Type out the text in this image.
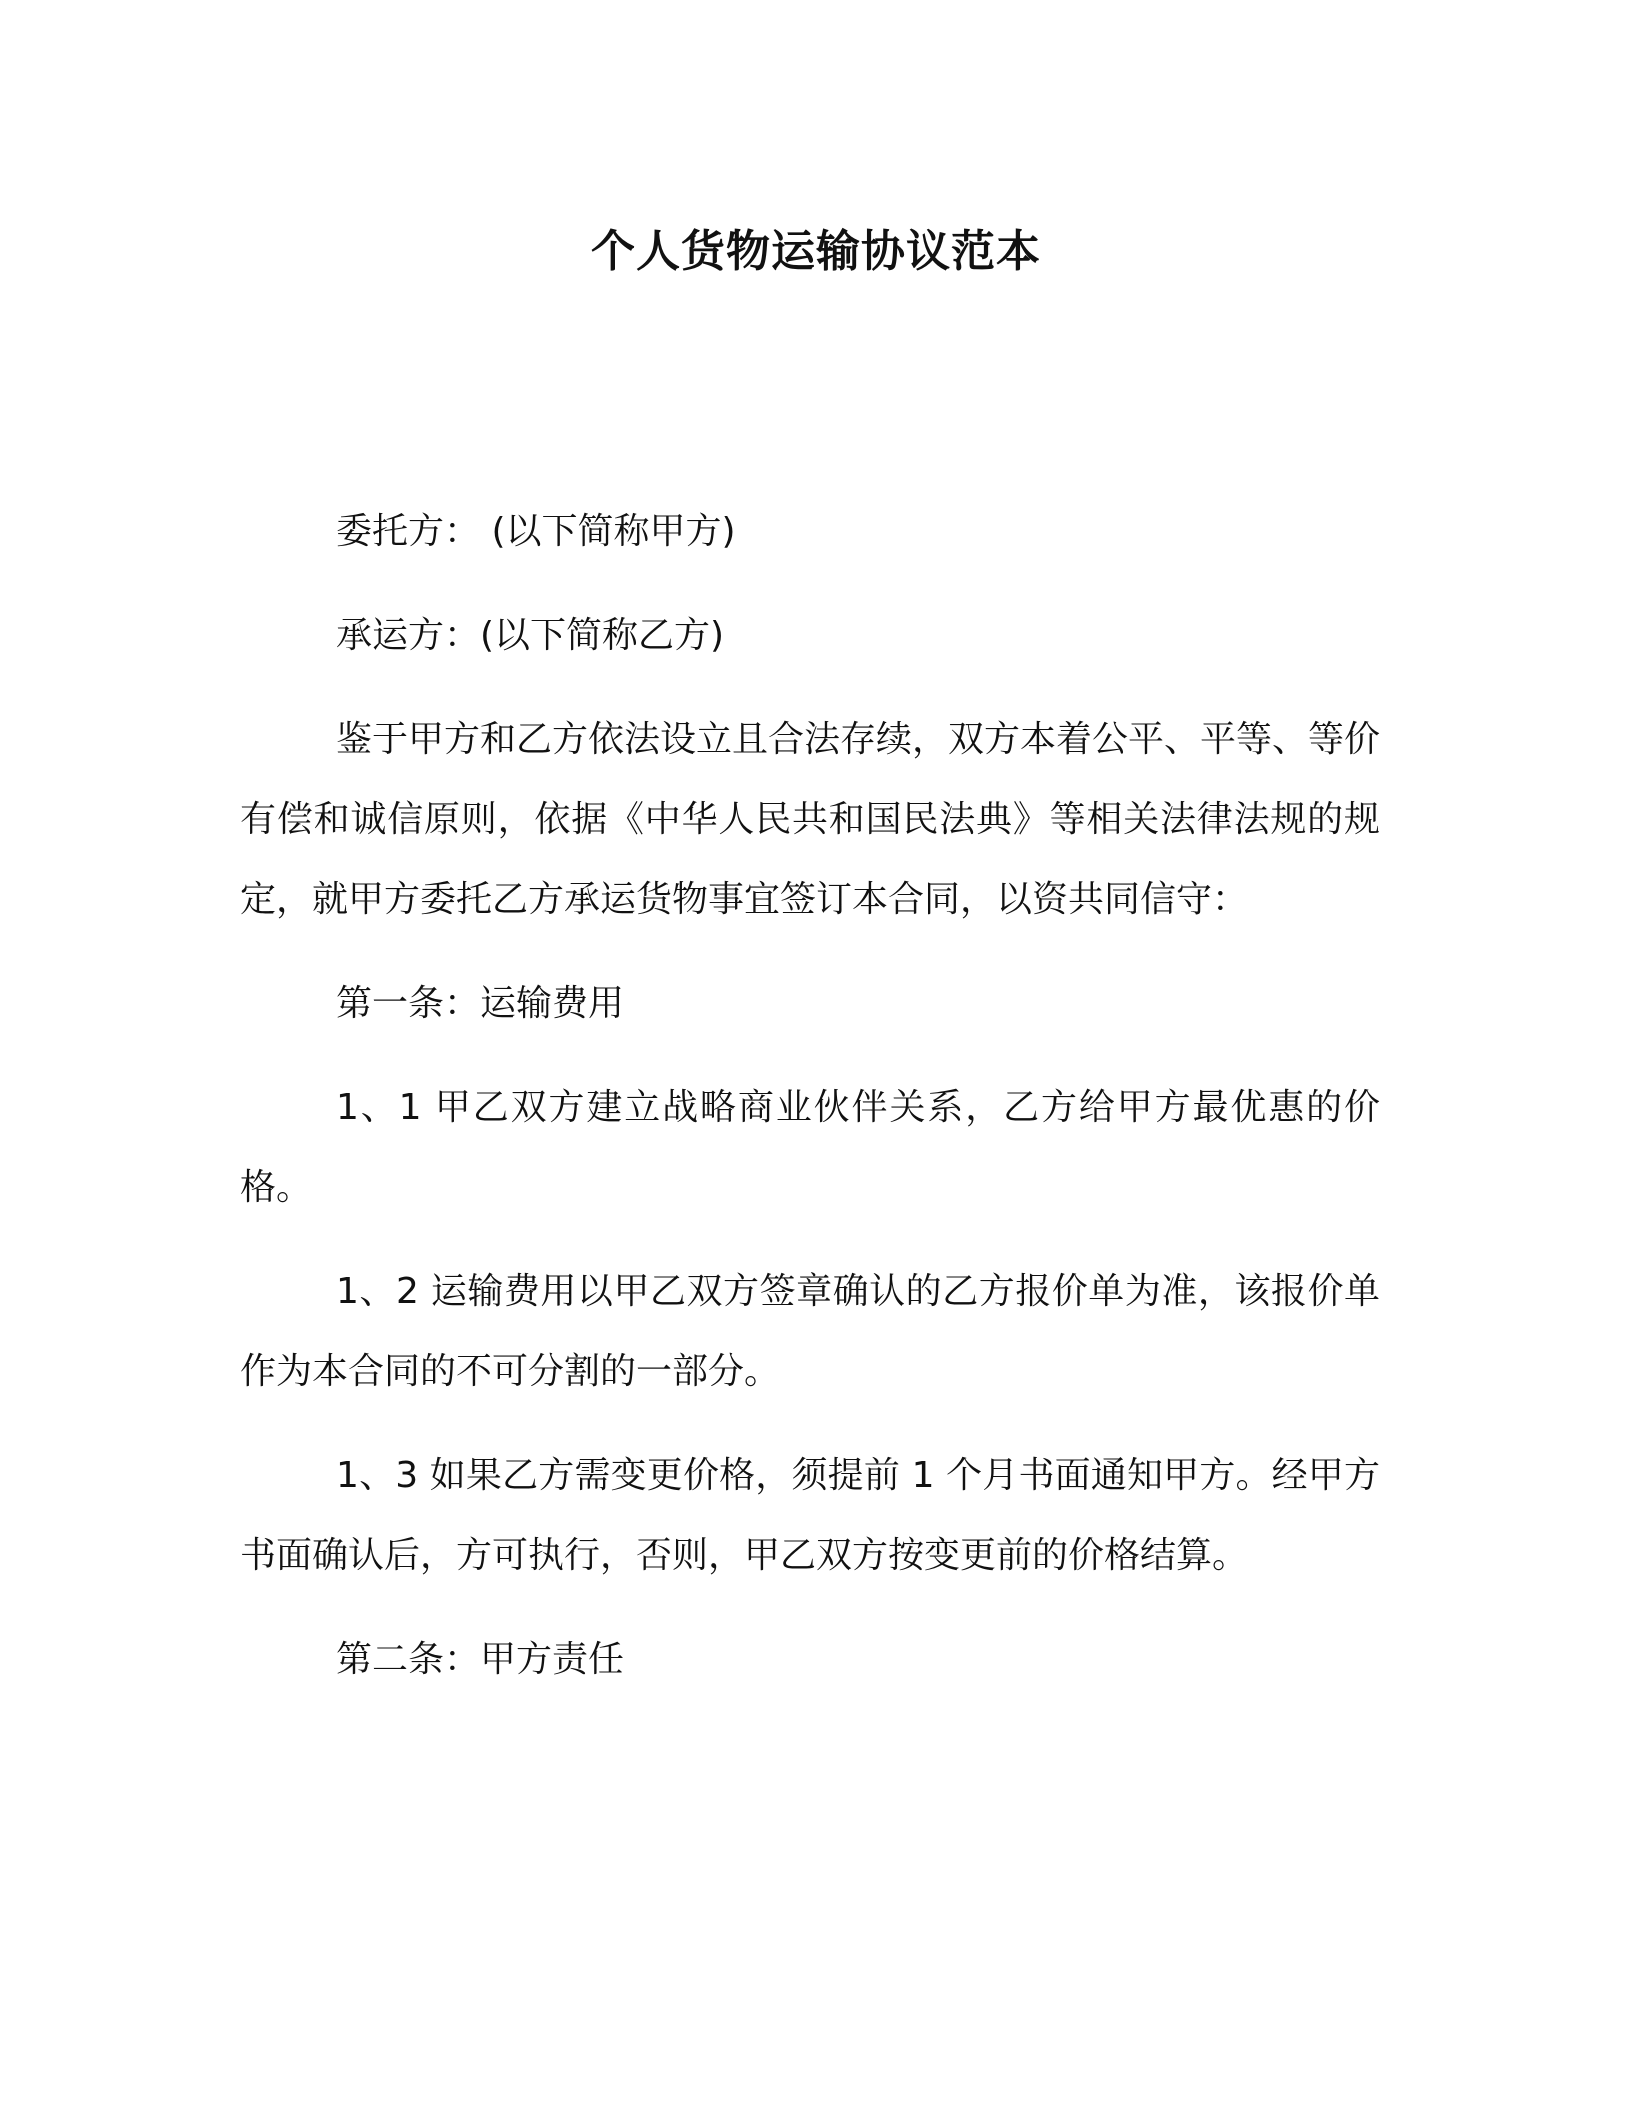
个人货物运输协议范本

委托方： (以下简称甲方)

承运方：(以下简称乙方)

鉴于甲方和乙方依法设立且合法存续，双方本着公平、平等、等价有偿和诚信原则，依据《中华人民共和国民法典》等相关法律法规的规定，就甲方委托乙方承运货物事宜签订本合同，以资共同信守：

第一条：运输费用

1、1 甲乙双方建立战略商业伙伴关系，乙方给甲方最优惠的价格。

1、2 运输费用以甲乙双方签章确认的乙方报价单为准，该报价单作为本合同的不可分割的一部分。

1、3 如果乙方需变更价格，须提前 1 个月书面通知甲方。经甲方书面确认后，方可执行，否则，甲乙双方按变更前的价格结算。

第二条：甲方责任
